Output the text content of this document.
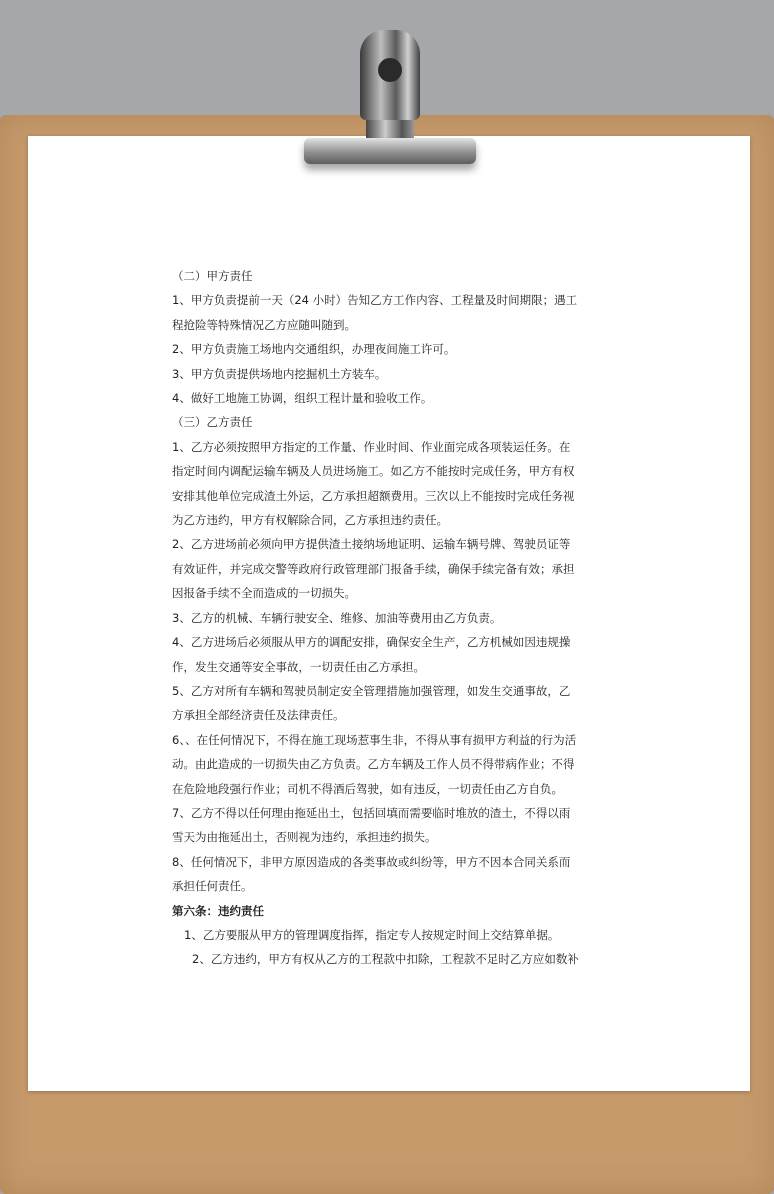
（二）甲方责任
1、甲方负责提前一天（24 小时）告知乙方工作内容、工程量及时间期限；遇工
程抢险等特殊情况乙方应随叫随到。
2、甲方负责施工场地内交通组织，办理夜间施工许可。
3、甲方负责提供场地内挖掘机土方装车。
4、做好工地施工协调，组织工程计量和验收工作。
（三）乙方责任
1、乙方必须按照甲方指定的工作量、作业时间、作业面完成各项装运任务。在
指定时间内调配运输车辆及人员进场施工。如乙方不能按时完成任务，甲方有权
安排其他单位完成渣土外运，乙方承担超额费用。三次以上不能按时完成任务视
为乙方违约，甲方有权解除合同，乙方承担违约责任。
2、乙方进场前必须向甲方提供渣土接纳场地证明、运输车辆号牌、驾驶员证等
有效证件，并完成交警等政府行政管理部门报备手续，确保手续完备有效；承担
因报备手续不全而造成的一切损失。
3、乙方的机械、车辆行驶安全、维修、加油等费用由乙方负责。
4、乙方进场后必须服从甲方的调配安排，确保安全生产，乙方机械如因违规操
作，发生交通等安全事故，一切责任由乙方承担。
5、乙方对所有车辆和驾驶员制定安全管理措施加强管理，如发生交通事故，乙
方承担全部经济责任及法律责任。
6、、在任何情况下，不得在施工现场惹事生非，不得从事有损甲方利益的行为活
动。由此造成的一切损失由乙方负责。乙方车辆及工作人员不得带病作业；不得
在危险地段强行作业；司机不得酒后驾驶，如有违反，一切责任由乙方自负。
7、乙方不得以任何理由拖延出土，包括回填而需要临时堆放的渣土，不得以雨
雪天为由拖延出土，否则视为违约，承担违约损失。
8、任何情况下，非甲方原因造成的各类事故或纠纷等，甲方不因本合同关系而
承担任何责任。
第六条：违约责任
1、乙方要服从甲方的管理调度指挥，指定专人按规定时间上交结算单据。
2、乙方违约，甲方有权从乙方的工程款中扣除，工程款不足时乙方应如数补
